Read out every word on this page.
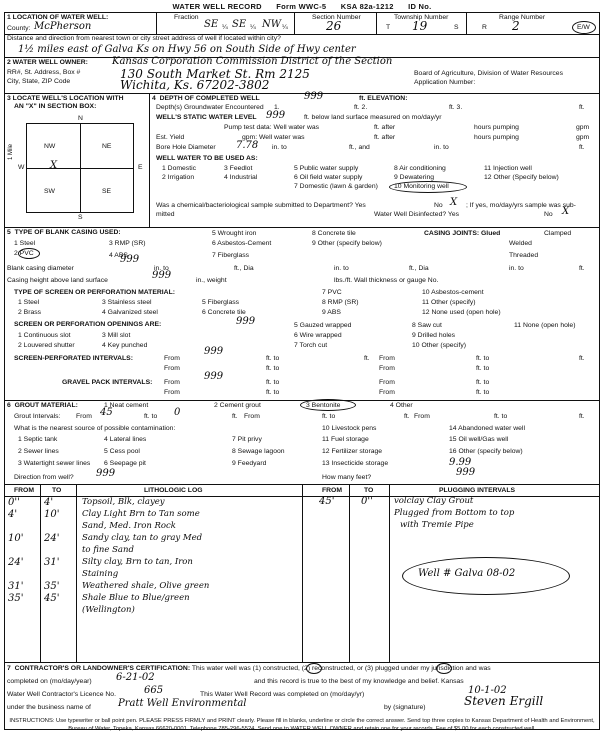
WATER WELL RECORD Form WWC-5 KSA 82a-1212 ID No.
1 LOCATION OF WATER WELL:
County: McPherson
Fraction
SE ¼ SE ¼ NW ¼
Section Number
26
Township Number
T 19	S
Range Number
R 2	E/W
Distance and direction from nearest town or city street address of well if located within city?
1½ miles east of Galva Ks on Hwy 56 on South Side of Hwy center
2 WATER WELL OWNER: Kansas Corporation Commission District of the Section
RR#, St. Address, Box #	130 South Market St. Rm 2125
City, State, ZIP Code	Wichita, Ks. 67202-3802
Board of Agriculture, Division of Water Resources
Application Number:
3 LOCATE WELL'S LOCATION WITH
AN "X" IN SECTION BOX:
N
S
W	E
NW	NE
SW	SE
X
1 Mile
4 DEPTH OF COMPLETED WELL	999	ft. ELEVATION:
Depth(s) Groundwater Encountered 1.	ft. 2.	ft. 3.	ft.
WELL'S STATIC WATER LEVEL 999	ft. below land surface measured on mo/day/yr
Pump test data: Well water was	ft. after	hours pumping	gpm
Est. Yield	gpm: Well water was	ft. after	hours pumping	gpm
Bore Hole Diameter 7.78 in. to	ft., and	in. to	ft.
WELL WATER TO BE USED AS:
5 Public water supply	8 Air conditioning	11 Injection well
1 Domestic	3 Feedlot
2 Irrigation	4 Industrial	6 Oil field water supply	9 Dewatering	12 Other (Specify below)
7 Domestic (lawn & garden) 10 Monitoring well
Was a chemical/bacteriological sample submitted to Department? Yes	No X ; If yes, mo/day/yrs sample was sub-
mitted	Water Well Disinfected? Yes	No X
5 TYPE OF BLANK CASING USED:
1 Steel
2 PVC
3 RMP (SR)
4 ABS
999
5 Wrought iron
6 Asbestos-Cement
7 Fiberglass
8 Concrete tile
9 Other (specify below)
CASING JOINTS: Glued	Clamped
Welded
Threaded
Blank casing diameter	in. to	ft., Dia	in. to	ft., Dia	in. to	ft.
Casing height above land surface	999	in., weight	lbs./ft. Wall thickness or gauge No.
TYPE OF SCREEN OR PERFORATION MATERIAL:
1 Steel
2 Brass
3 Stainless steel
4 Galvanized steel
5 Fiberglass
6 Concrete tile
7 PVC
8 RMP (SR)
9 ABS
10 Asbestos-cement
11 Other (specify)
12 None used (open hole)
SCREEN OR PERFORATION OPENINGS ARE:	999
1 Continuous slot
2 Louvered shutter
3 Mill slot
4 Key punched
5 Gauzed wrapped
6 Wire wrapped
7 Torch cut
8 Saw cut
9 Drilled holes
10 Other (specify)
11 None (open hole)
SCREEN-PERFORATED INTERVALS:
999
From	ft. to	ft. From	ft. to	ft.
From	ft. to	From	ft. to
GRAVEL PACK INTERVALS:
999
From	ft. to	From	ft. to
From	ft. to	From	ft. to
6 GROUT MATERIAL:	1 Neat cement	2 Cement grout	3 Bentonite	4 Other
Grout Intervals: From 45	ft. to 0	ft. From	ft. to	ft. From	ft. to	ft.
What is the nearest source of possible contamination:
1 Septic tank	4 Lateral lines	7 Pit privy
10 Livestock pens	14 Abandoned water well
2 Sewer lines	5 Cess pool	8 Sewage lagoon
11 Fuel storage	15 Oil well/Gas well
3 Watertight sewer lines 6 Seepage pit	9 Feedyard
12 Fertilizer storage	16 Other (specify below)
13 Insecticide storage	9.99
Direction from well? 999	How many feet?	999
FROM	TO	LITHOLOGIC LOG	FROM	TO	PLUGGING INTERVALS
0'' 4'	Topsoil, Blk, clayey
4'	10'	Clay Light Brn to Tan some
Sand, Med. Iron Rock
10' 24'	Sandy clay, tan to gray Med
to fine Sand
24' 31'	Silty clay, Brn to tan, Iron
Staining
31' 35'	Weathered shale, Olive green
35' 45'	Shale Blue to Blue/green
(Wellington)
45'	0'' volclay Clay Grout
Plugged from Bottom to top
with Tremie Pipe
Well # Galva 08-02
7 CONTRACTOR'S OR LANDOWNER'S CERTIFICATION: This water well was (1) constructed, (2) reconstructed, or (3) plugged under my jurisdiction and was
completed on (mo/day/year) 6-21-02	and this record is true to the best of my knowledge and belief. Kansas
Water Well Contractor's Licence No.	665	This Water Well Record was completed on (mo/day/yr)	10-1-02
under the business name of	Pratt Well Environmental	by (signature)	Steven Ergill
INSTRUCTIONS: Use typewriter or ball point pen. PLEASE PRESS FIRMLY and PRINT clearly. Please fill in blanks, underline or circle the correct answer. Send top three copies to Kansas Department of Health and Environment, Bureau of Water, Topeka, Kansas 66620-0001. Telephone 785-296-5524. Send one to WATER WELL OWNER and retain one for your records. Fee of $5.00 for each constructed well.
